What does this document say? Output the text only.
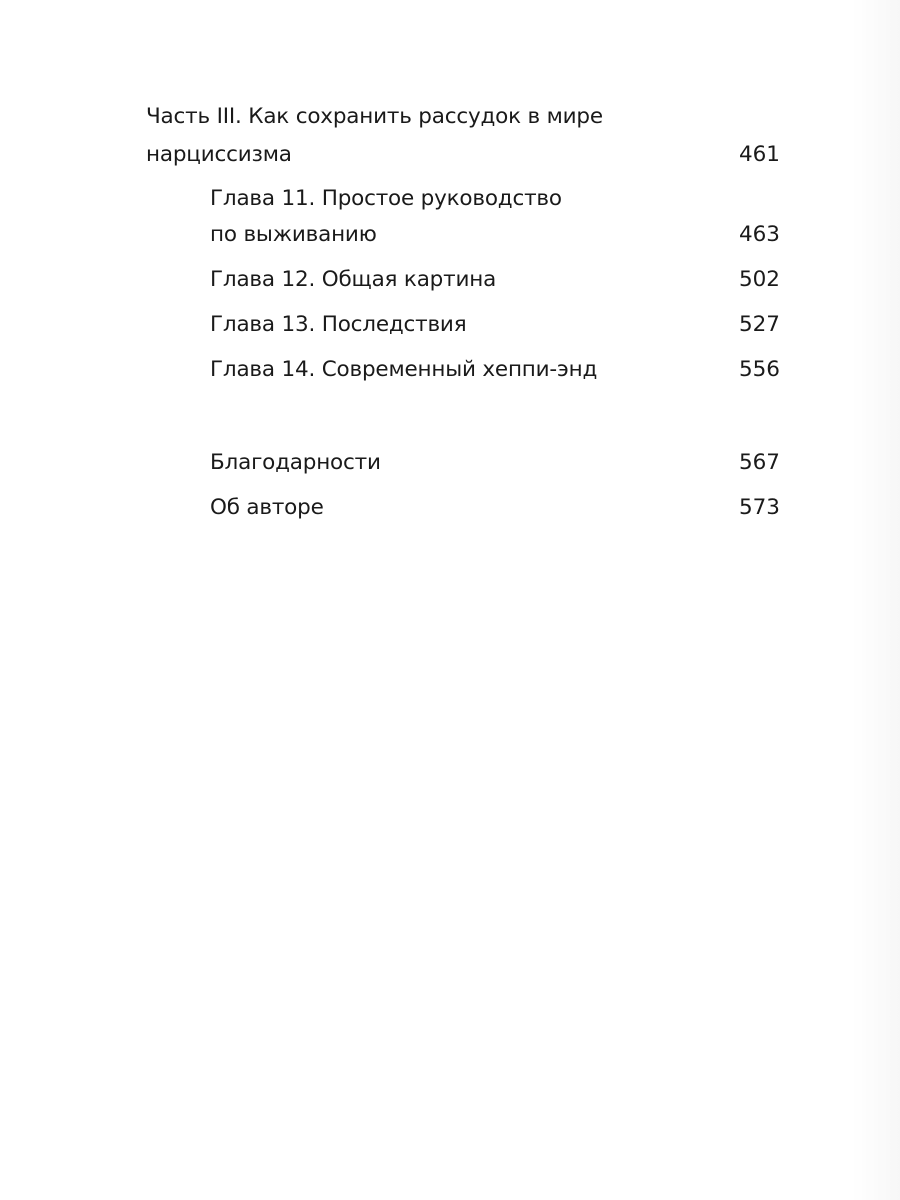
Часть III. Как сохранить рассудок в мире
нарциссизма	461
Глава 11. Простое руководство
по выживанию	463
Глава 12. Общая картина	502
Глава 13. Последствия	527
Глава 14. Современный хеппи-энд	556
Благодарности	567
Об авторе	573
